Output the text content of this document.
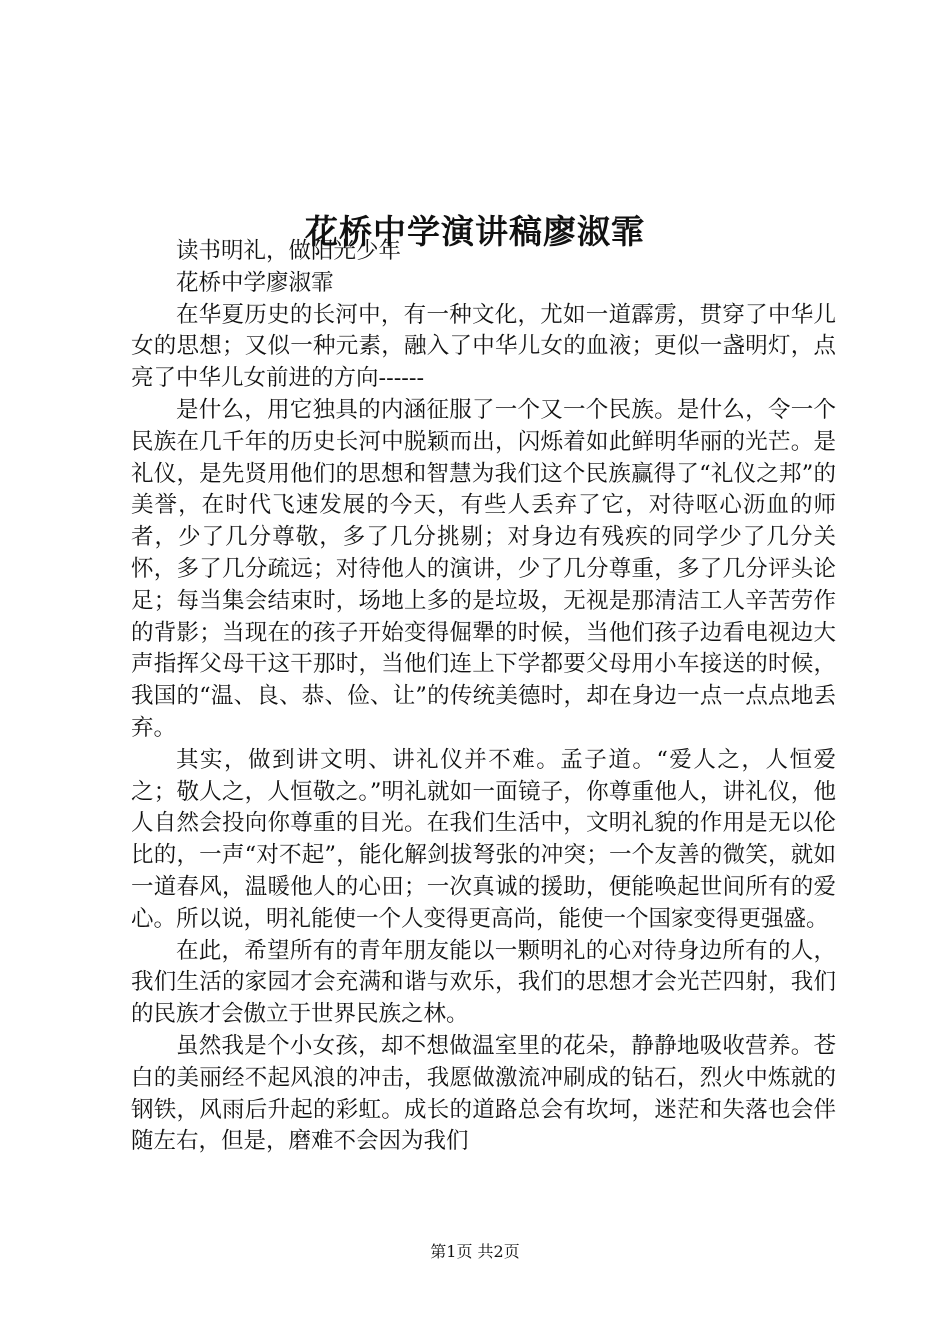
花桥中学演讲稿廖淑霏

读书明礼，做阳光少年

花桥中学廖淑霏

在华夏历史的长河中，有一种文化，尤如一道霹雳，贯穿了中华儿女的思想；又似一种元素，融入了中华儿女的血液；更似一盏明灯，点亮了中华儿女前进的方向------

是什么，用它独具的内涵征服了一个又一个民族。是什么，令一个民族在几千年的历史长河中脱颖而出，闪烁着如此鲜明华丽的光芒。是礼仪，是先贤用他们的思想和智慧为我们这个民族赢得了“礼仪之邦”的美誉，在时代飞速发展的今天，有些人丢弃了它，对待呕心沥血的师者，少了几分尊敬，多了几分挑剔；对身边有残疾的同学少了几分关怀，多了几分疏远；对待他人的演讲，少了几分尊重，多了几分评头论足；每当集会结束时，场地上多的是垃圾，无视是那清洁工人辛苦劳作的背影；当现在的孩子开始变得倔犟的时候，当他们孩子边看电视边大声指挥父母干这干那时，当他们连上下学都要父母用小车接送的时候，我国的“温、良、恭、俭、让”的传统美德时，却在身边一点一点点地丢弃。

其实，做到讲文明、讲礼仪并不难。孟子道。“爱人之，人恒爱之；敬人之，人恒敬之。”明礼就如一面镜子，你尊重他人，讲礼仪，他人自然会投向你尊重的目光。在我们生活中，文明礼貌的作用是无以伦比的，一声“对不起”，能化解剑拔弩张的冲突；一个友善的微笑，就如一道春风，温暖他人的心田；一次真诚的援助，便能唤起世间所有的爱心。所以说，明礼能使一个人变得更高尚，能使一个国家变得更强盛。

在此，希望所有的青年朋友能以一颗明礼的心对待身边所有的人，我们生活的家园才会充满和谐与欢乐，我们的思想才会光芒四射，我们的民族才会傲立于世界民族之林。

虽然我是个小女孩，却不想做温室里的花朵，静静地吸收营养。苍白的美丽经不起风浪的冲击，我愿做激流冲刷成的钻石，烈火中炼就的钢铁，风雨后升起的彩虹。成长的道路总会有坎坷，迷茫和失落也会伴随左右，但是，磨难不会因为我们

第1页 共2页
